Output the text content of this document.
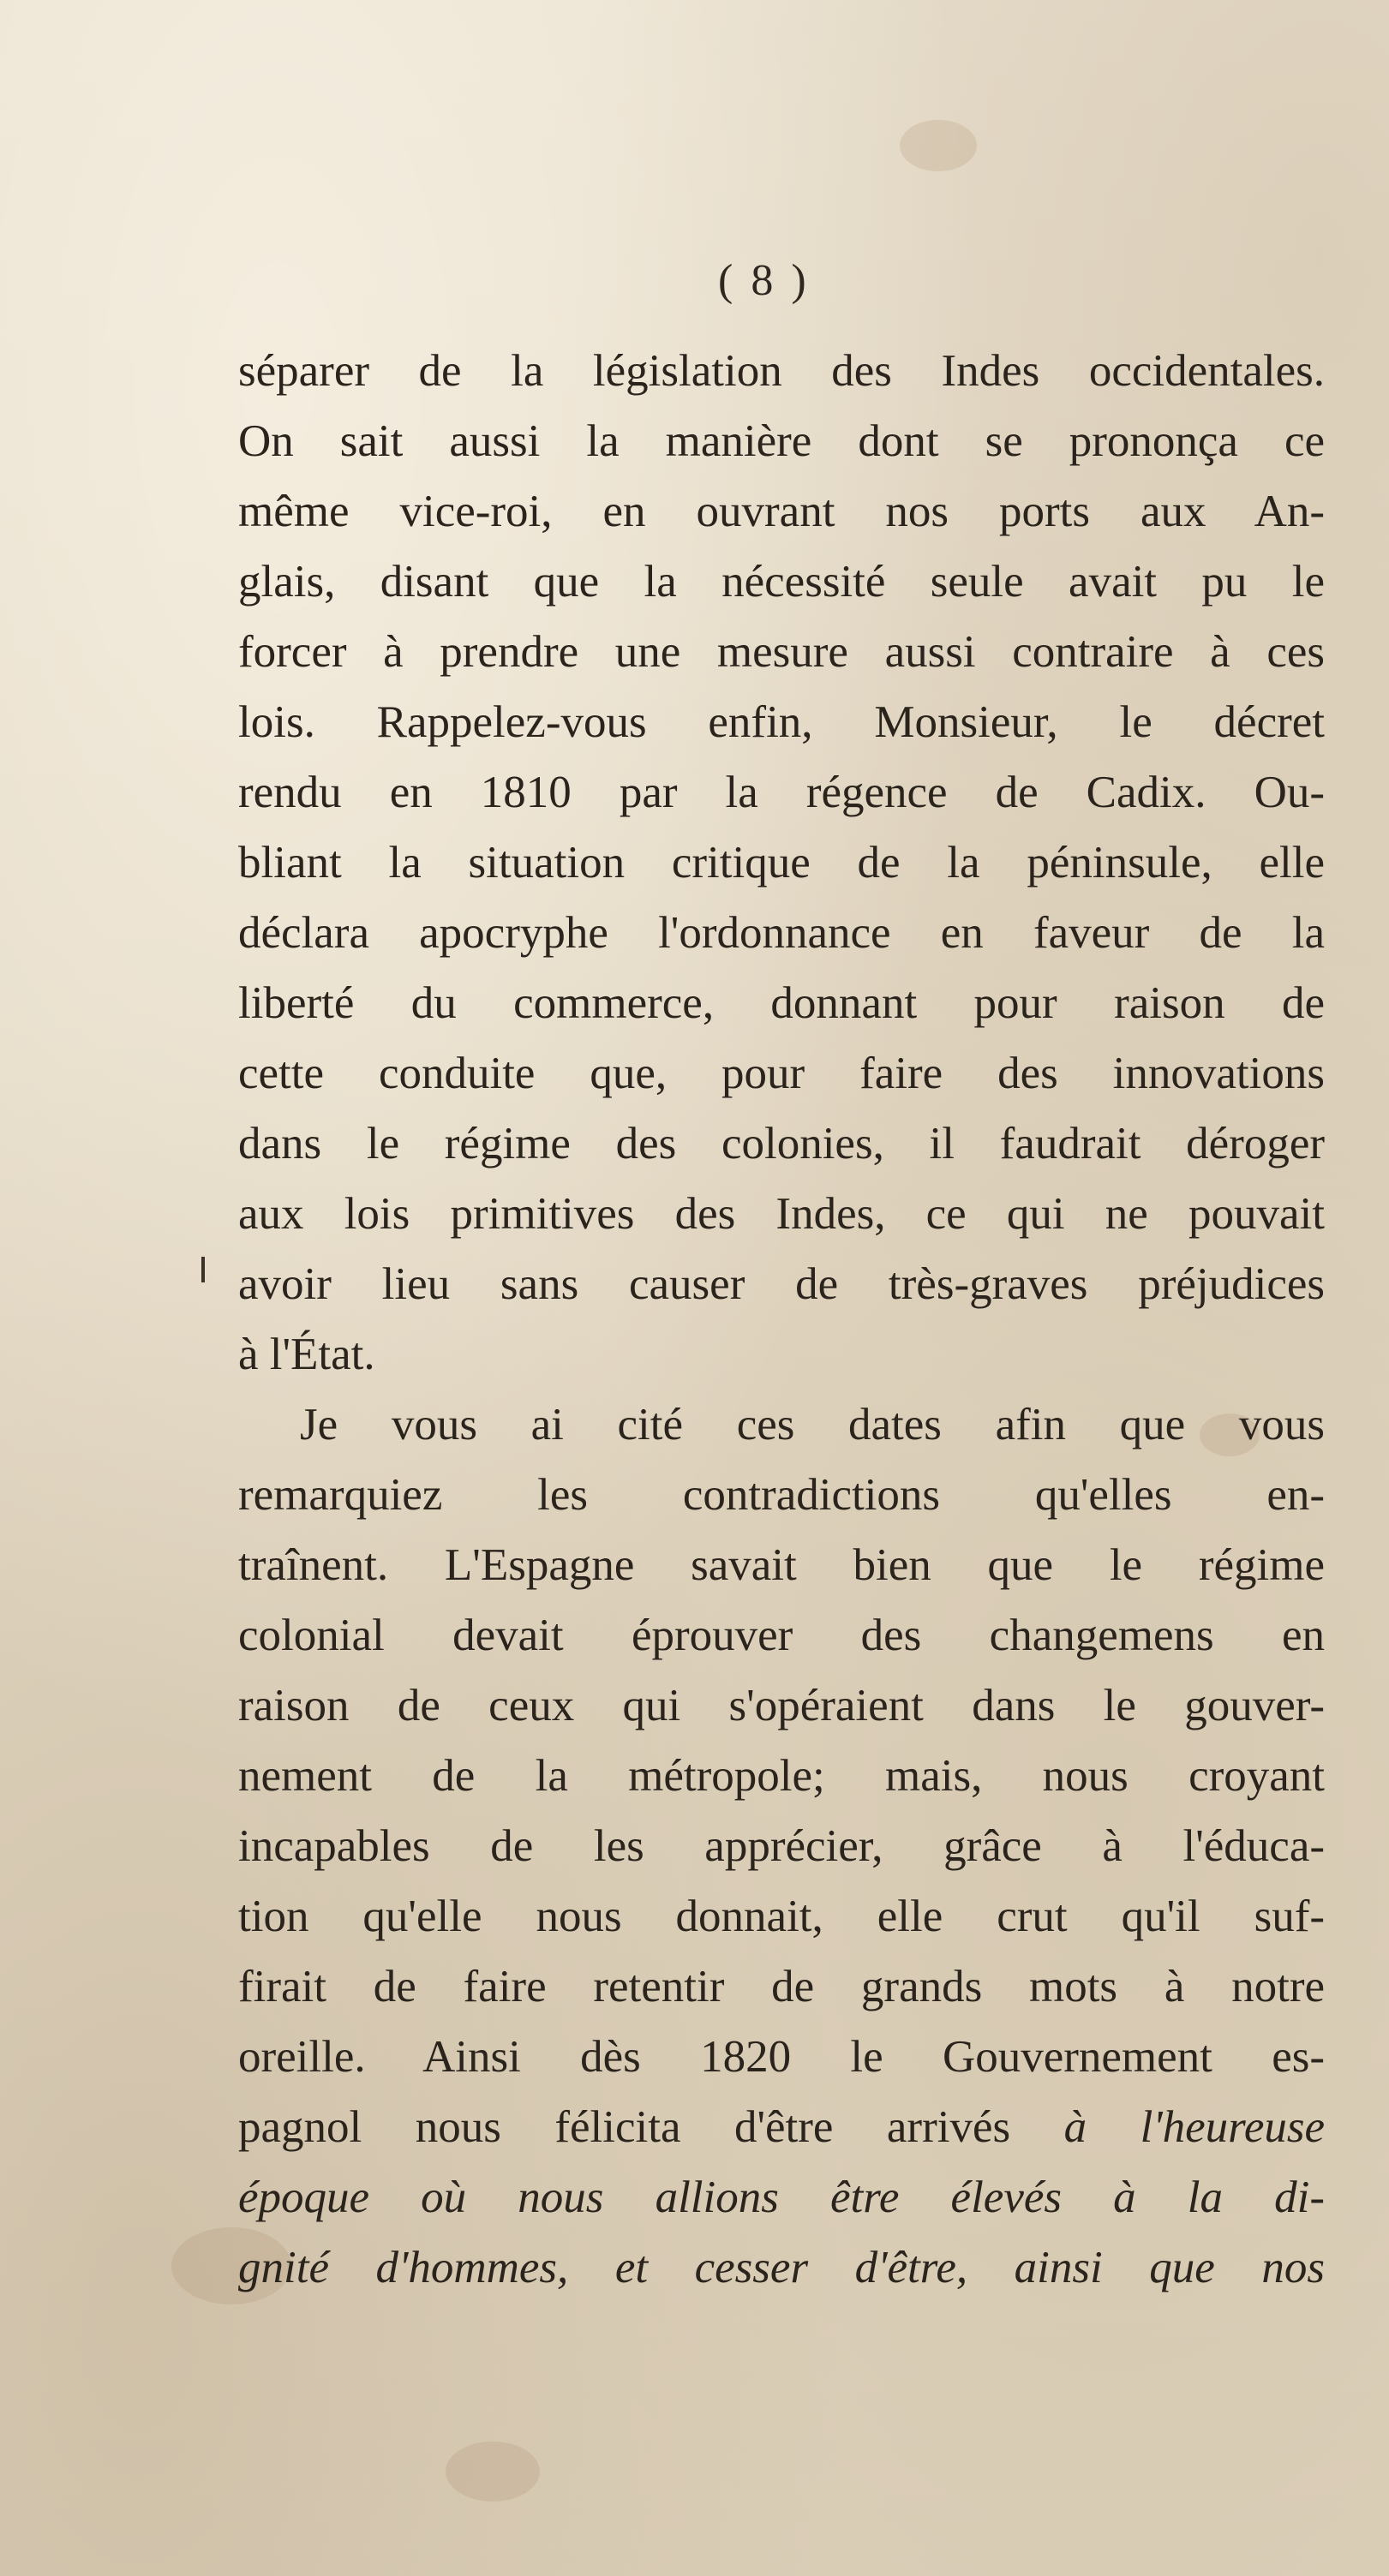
( 8 )
séparer de la législation des Indes occidentales.
On sait aussi la manière dont se prononça ce
même vice-roi, en ouvrant nos ports aux An-
glais, disant que la nécessité seule avait pu le
forcer à prendre une mesure aussi contraire à ces
lois. Rappelez-vous enfin, Monsieur, le décret
rendu en 1810 par la régence de Cadix. Ou-
bliant la situation critique de la péninsule, elle
déclara apocryphe l'ordonnance en faveur de la
liberté du commerce, donnant pour raison de
cette conduite que, pour faire des innovations
dans le régime des colonies, il faudrait déroger
aux lois primitives des Indes, ce qui ne pouvait
avoir lieu sans causer de très-graves préjudices
à l'État.
Je vous ai cité ces dates afin que vous
remarquiez les contradictions qu'elles en-
traînent. L'Espagne savait bien que le régime
colonial devait éprouver des changemens en
raison de ceux qui s'opéraient dans le gouver-
nement de la métropole; mais, nous croyant
incapables de les apprécier, grâce à l'éduca-
tion qu'elle nous donnait, elle crut qu'il suf-
firait de faire retentir de grands mots à notre
oreille. Ainsi dès 1820 le Gouvernement es-
pagnol nous félicita d'être arrivés à l'heureuse
époque où nous allions être élevés à la di-
gnité d'hommes, et cesser d'être, ainsi que nos
